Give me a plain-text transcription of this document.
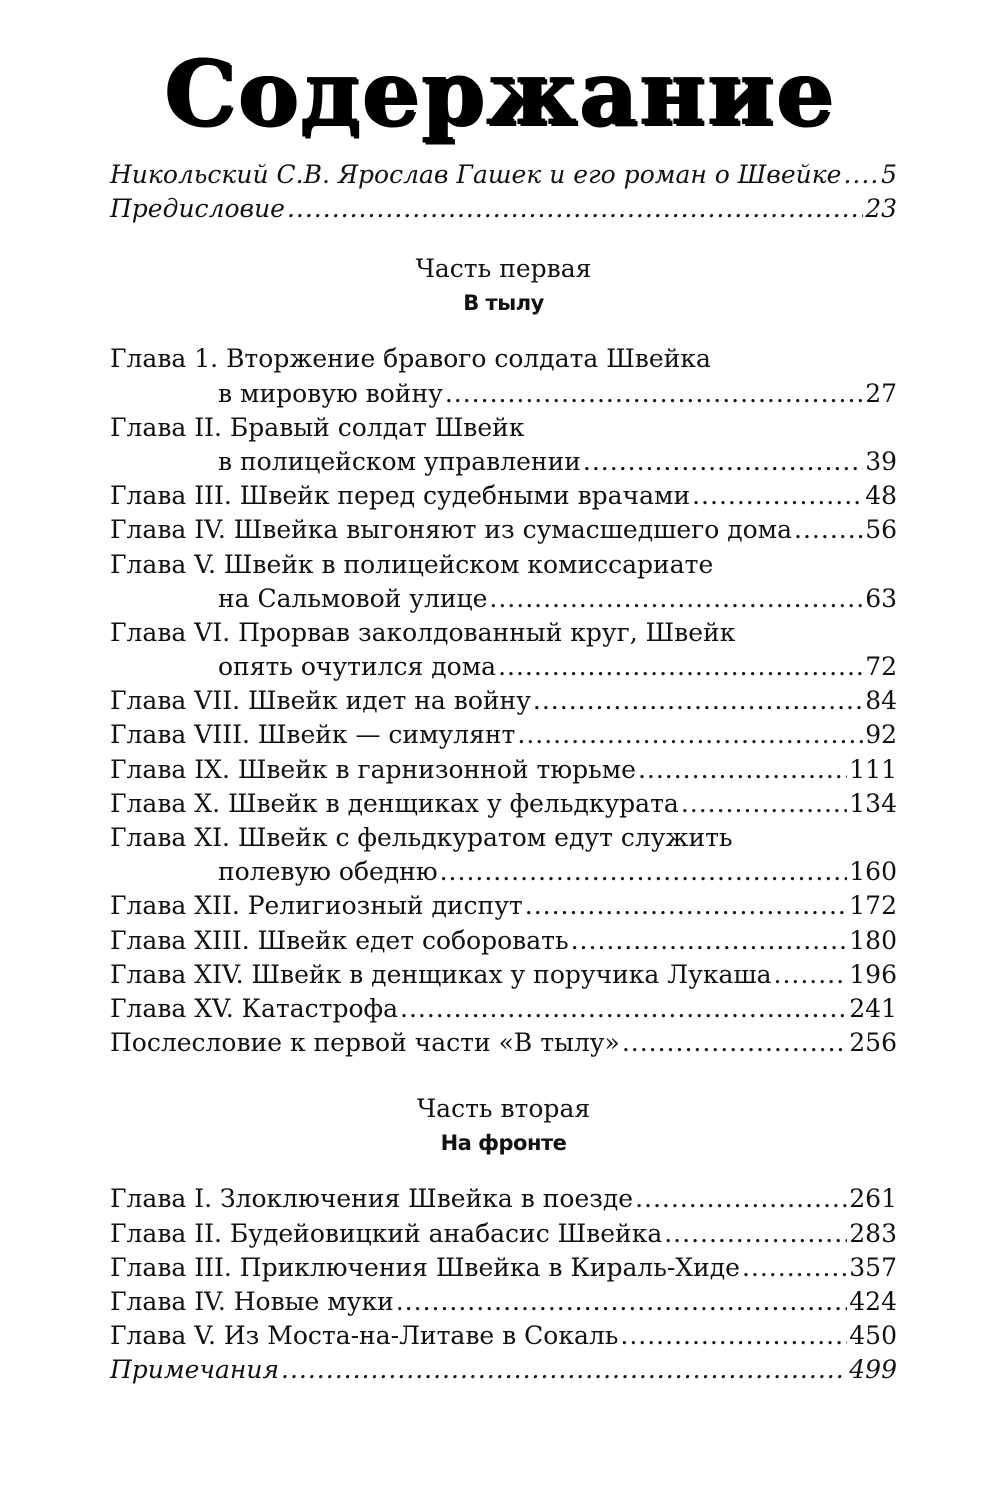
Содержание
Никольский С.В. Ярослав Гашек и его роман о Швейке ..... 5
Предисловие .....	23
Часть первая
В тылу
Глава 1. Вторжение бравого солдата Швейка
в мировую войну .....	27
Глава II. Бравый солдат Швейк
в полицейском управлении .....	39
Глава III. Швейк перед судебными врачами .....	48
Глава IV. Швейка выгоняют из сумасшедшего дома .....	56
Глава V. Швейк в полицейском комиссариате
на Сальмовой улице .....	63
Глава VI. Прорвав заколдованный круг, Швейк
опять очутился дома .....	72
Глава VII. Швейк идет на войну .....	84
Глава VIII. Швейк — симулянт .....	92
Глава IX. Швейк в гарнизонной тюрьме .....	111
Глава X. Швейк в денщиках у фельдкурата .....	134
Глава XI. Швейк с фельдкуратом едут служить
полевую обедню .....	160
Глава XII. Религиозный диспут .....	172
Глава XIII. Швейк едет соборовать .....	180
Глава XIV. Швейк в денщиках у поручика Лукаша .....	196
Глава XV. Катастрофа .....	241
Послесловие к первой части «В тылу» .....	256
Часть вторая
На фронте
Глава I. Злоключения Швейка в поезде .....	261
Глава II. Будейовицкий анабасис Швейка .....	283
Глава III. Приключения Швейка в Кираль-Хиде .....	357
Глава IV. Новые муки .....	424
Глава V. Из Моста-на-Литаве в Сокаль .....	450
Примечания .....	499
